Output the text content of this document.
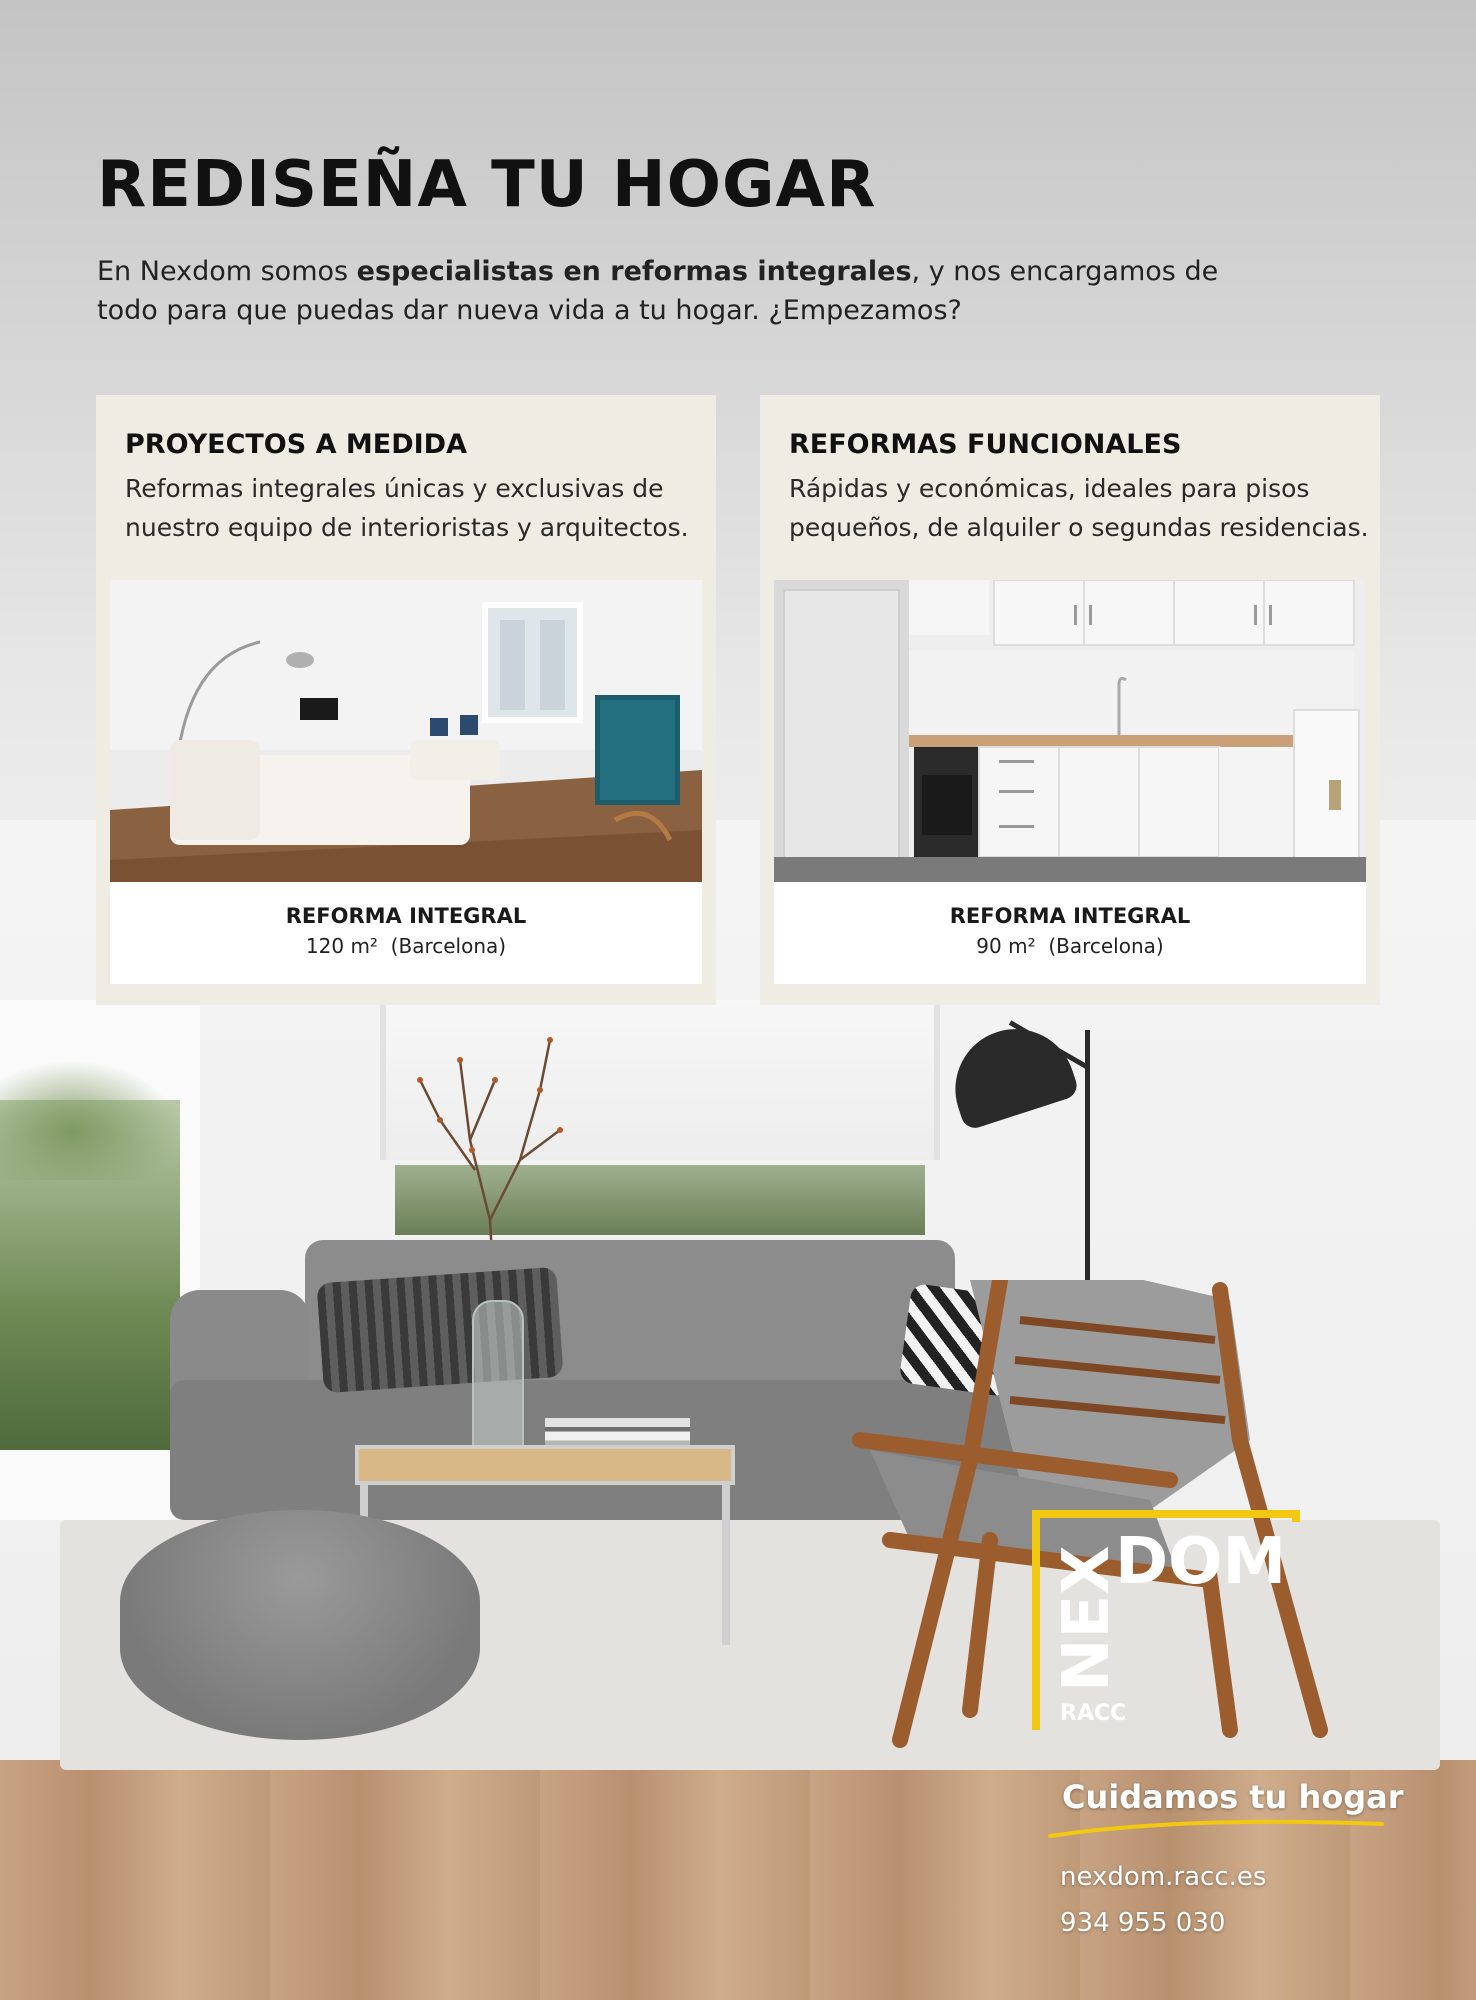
REDISEÑA TU HOGAR
En Nexdom somos especialistas en reformas integrales, y nos encargamos de todo para que puedas dar nueva vida a tu hogar. ¿Empezamos?
PROYECTOS A MEDIDA
Reformas integrales únicas y exclusivas de nuestro equipo de interioristas y arquitectos.
REFORMA INTEGRAL
120 m² (Barcelona)
REFORMAS FUNCIONALES
Rápidas y económicas, ideales para pisos pequeños, de alquiler o segundas residencias.
REFORMA INTEGRAL
90 m² (Barcelona)
DOM
NEX
RACC
Cuidamos tu hogar
nexdom.racc.es
934 955 030
